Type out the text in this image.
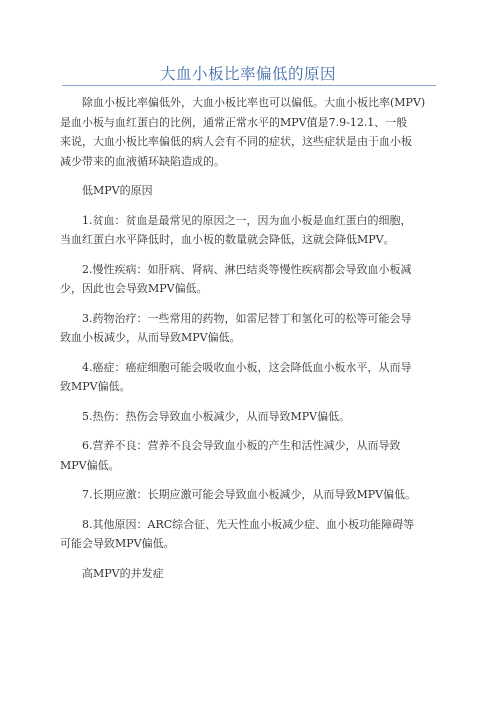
大血小板比率偏低的原因
除血小板比率偏低外，大血小板比率也可以偏低。大血小板比率(MPV)
是血小板与血红蛋白的比例，通常正常水平的MPV值是7.9-12.1、一般
来说，大血小板比率偏低的病人会有不同的症状，这些症状是由于血小板
减少带来的血液循环缺陷造成的。
低MPV的原因
1.贫血：贫血是最常见的原因之一，因为血小板是血红蛋白的细胞，
当血红蛋白水平降低时，血小板的数量就会降低，这就会降低MPV。
2.慢性疾病：如肝病、肾病、淋巴结炎等慢性疾病都会导致血小板减
少，因此也会导致MPV偏低。
3.药物治疗：一些常用的药物，如雷尼替丁和氢化可的松等可能会导
致血小板减少，从而导致MPV偏低。
4.癌症：癌症细胞可能会吸收血小板，这会降低血小板水平，从而导
致MPV偏低。
5.热伤：热伤会导致血小板减少，从而导致MPV偏低。
6.营养不良：营养不良会导致血小板的产生和活性减少，从而导致
MPV偏低。
7.长期应激：长期应激可能会导致血小板减少，从而导致MPV偏低。
8.其他原因：ARC综合征、先天性血小板减少症、血小板功能障碍等
可能会导致MPV偏低。
高MPV的并发症
